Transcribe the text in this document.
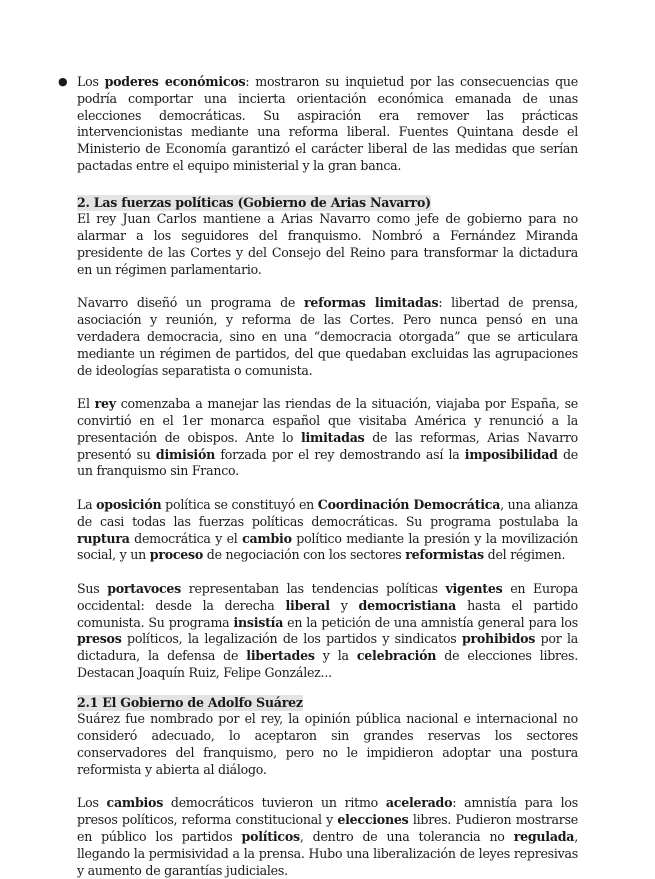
● Los poderes económicos: mostraron su inquietud por las consecuencias que podría comportar una incierta orientación económica emanada de unas elecciones democráticas. Su aspiración era remover las prácticas intervencionistas mediante una reforma liberal. Fuentes Quintana desde el Ministerio de Economía garantizó el carácter liberal de las medidas que serían pactadas entre el equipo ministerial y la gran banca.

2. Las fuerzas políticas (Gobierno de Arias Navarro)

El rey Juan Carlos mantiene a Arias Navarro como jefe de gobierno para no alarmar a los seguidores del franquismo. Nombró a Fernández Miranda presidente de las Cortes y del Consejo del Reino para transformar la dictadura en un régimen parlamentario.

Navarro diseñó un programa de reformas limitadas: libertad de prensa, asociación y reunión, y reforma de las Cortes. Pero nunca pensó en una verdadera democracia, sino en una “democracia otorgada” que se articulara mediante un régimen de partidos, del que quedaban excluidas las agrupaciones de ideologías separatista o comunista.

El rey comenzaba a manejar las riendas de la situación, viajaba por España, se convirtió en el 1er monarca español que visitaba América y renunció a la presentación de obispos. Ante lo limitadas de las reformas, Arias Navarro presentó su dimisión forzada por el rey demostrando así la imposibilidad de un franquismo sin Franco.

La oposición política se constituyó en Coordinación Democrática, una alianza de casi todas las fuerzas políticas democráticas. Su programa postulaba la ruptura democrática y el cambio político mediante la presión y la movilización social, y un proceso de negociación con los sectores reformistas del régimen.

Sus portavoces representaban las tendencias políticas vigentes en Europa occidental: desde la derecha liberal y democristiana hasta el partido comunista. Su programa insistía en la petición de una amnistía general para los presos políticos, la legalización de los partidos y sindicatos prohibidos por la dictadura, la defensa de libertades y la celebración de elecciones libres. Destacan Joaquín Ruiz, Felipe González...

2.1 El Gobierno de Adolfo Suárez

Suárez fue nombrado por el rey, la opinión pública nacional e internacional no consideró adecuado, lo aceptaron sin grandes reservas los sectores conservadores del franquismo, pero no le impidieron adoptar una postura reformista y abierta al diálogo.

Los cambios democráticos tuvieron un ritmo acelerado: amnistía para los presos políticos, reforma constitucional y elecciones libres. Pudieron mostrarse en público los partidos políticos, dentro de una tolerancia no regulada, llegando la permisividad a la prensa. Hubo una liberalización de leyes represivas y aumento de garantías judiciales.
